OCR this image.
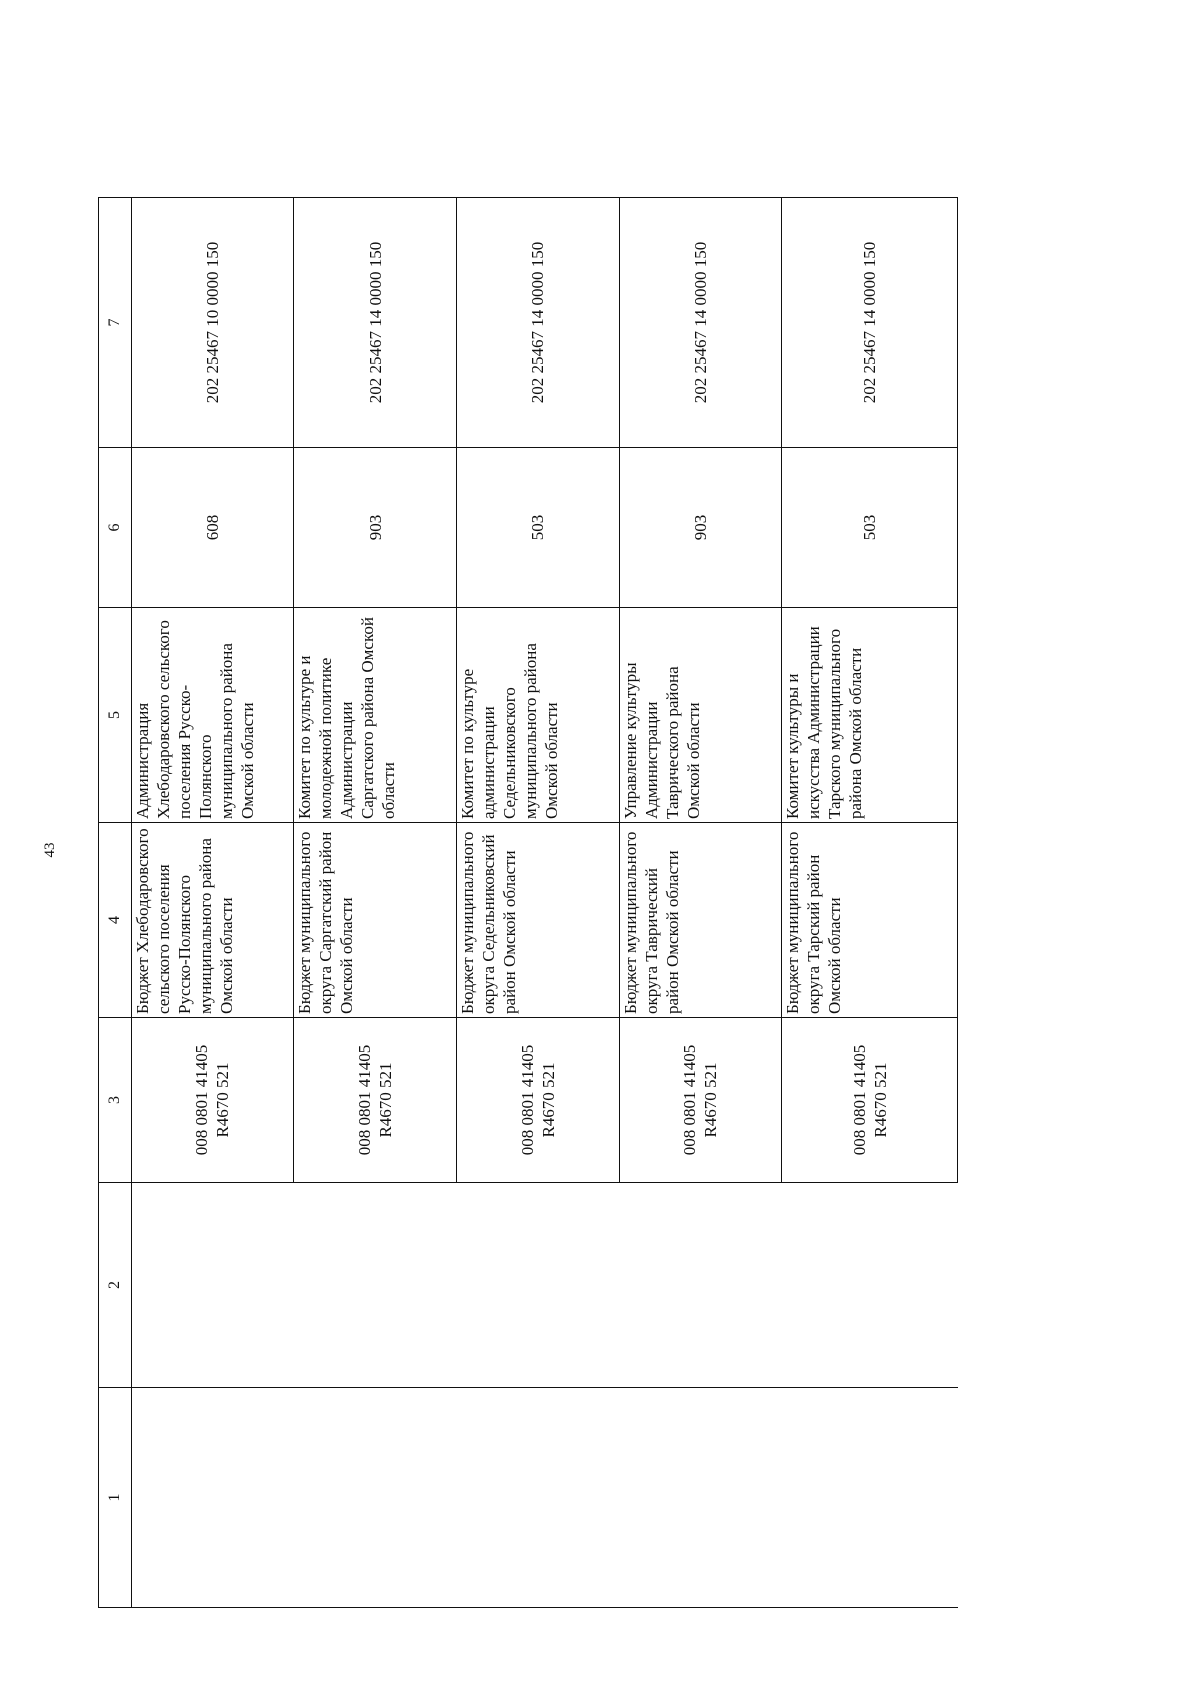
43
1	2	3	4	5	6	7
		008 0801 41405 R4670 521	Бюджет Хлебодаровского сельского поселения Русско-Полянского муниципального района Омской области	Администрация Хлебодаровского сельского поселения Русско-Полянского муниципального района Омской области	608	202 25467 10 0000 150
		008 0801 41405 R4670 521	Бюджет муниципального округа Саргатский район Омской области	Комитет по культуре и молодежной политике Администрации Саргатского района Омской области	903	202 25467 14 0000 150
		008 0801 41405 R4670 521	Бюджет муниципального округа Седельниковский район Омской области	Комитет по культуре администрации Седельниковского муниципального района Омской области	503	202 25467 14 0000 150
		008 0801 41405 R4670 521	Бюджет муниципального округа Таврический район Омской области	Управление культуры Администрации Таврического района Омской области	903	202 25467 14 0000 150
		008 0801 41405 R4670 521	Бюджет муниципального округа Тарский район Омской области	Комитет культуры и искусства Администрации Тарского муниципального района Омской области	503	202 25467 14 0000 150
